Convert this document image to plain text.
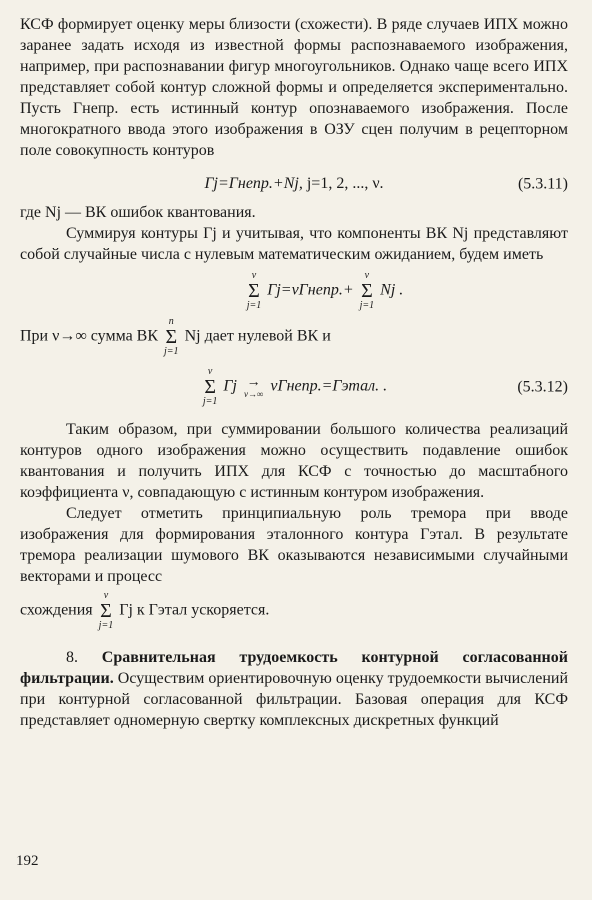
КСФ формирует оценку меры близости (схожести). В ряде случаев ИПХ можно заранее задать исходя из известной формы распознаваемого изображения, например, при распознавании фигур многоугольников. Однако чаще всего ИПХ представляет собой контур сложной формы и определяется экспериментально. Пусть Γнепр. есть истинный контур опознаваемого изображения. После многократного ввода этого изображения в ОЗУ сцен получим в рецепторном поле совокупность контуров

Γj=Γнепр.+Nj, j=1, 2, ..., ν.	(5.3.11)

где Nj — ВК ошибок квантования.

Суммируя контуры Γj и учитывая, что компоненты ВК Nj представляют собой случайные числа с нулевым математическим ожиданием, будем иметь

ν
Σ
j=1
Γj=νΓнепр.+
ν
Σ
j=1
Nj .

При ν→∞ сумма ВК
n
Σ
j=1
Nj дает нулевой ВК и

ν
Σ
j=1
Γj →
ν→∞ νΓнепр.=Γэтал. .	(5.3.12)

Таким образом, при суммировании большого количества реализаций контуров одного изображения можно осуществить подавление ошибок квантования и получить ИПХ для КСФ с точностью до масштабного коэффициента ν, совпадающую с истинным контуром изображения.

Следует отметить принципиальную роль тремора при вводе изображения для формирования эталонного контура Γэтал. В результате тремора реализации шумового ВК оказываются независимыми случайными векторами и процесс

схождения
ν
Σ
j=1
Γj к Γэтал ускоряется.

8. Сравнительная трудоемкость контурной согласованной фильтрации. Осуществим ориентировочную оценку трудоемкости вычислений при контурной согласованной фильтрации. Базовая операция для КСФ представляет одномерную свертку комплексных дискретных функций

192
